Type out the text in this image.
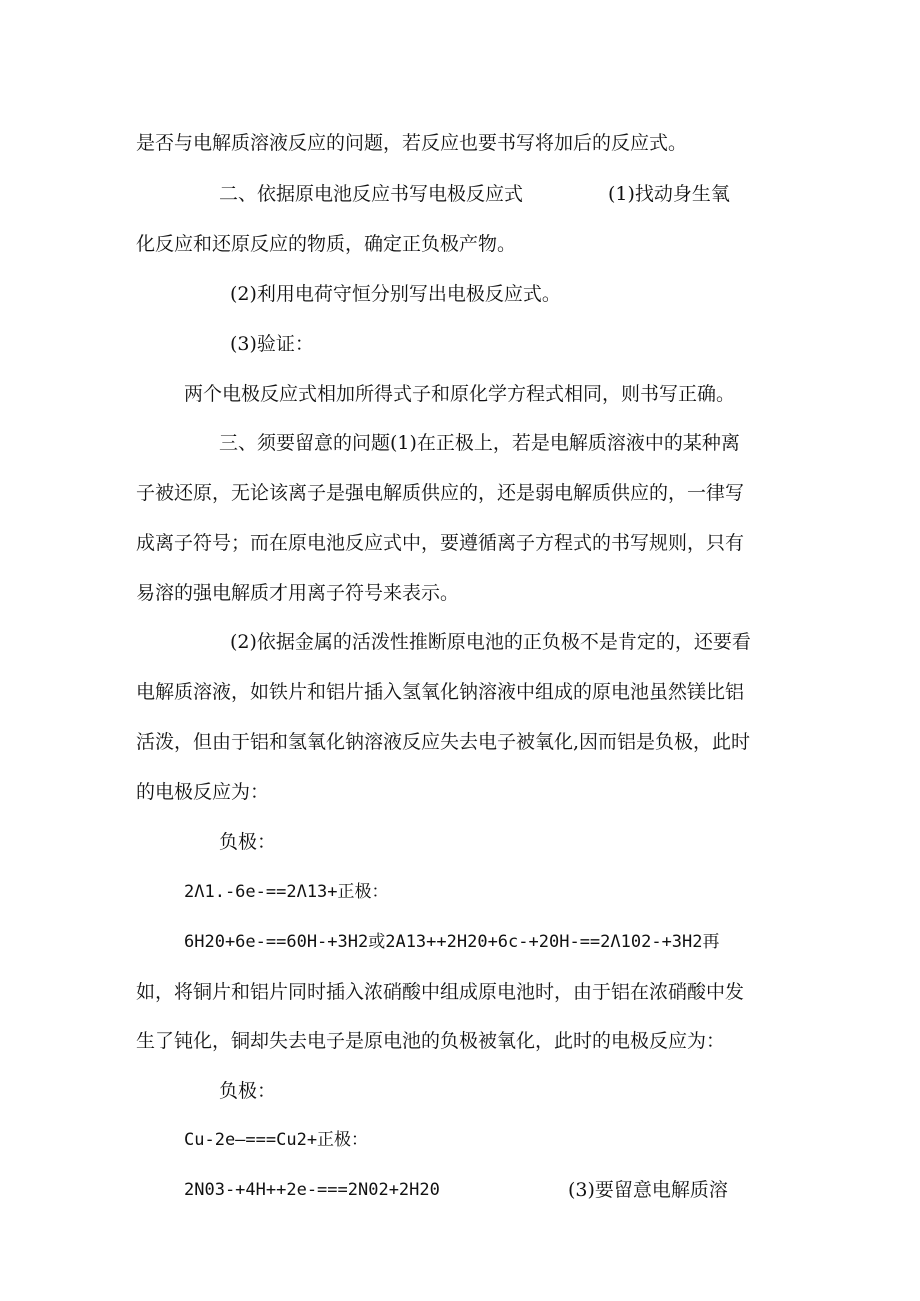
是否与电解质溶液反应的问题，若反应也要书写将加后的反应式。
二、依据原电池反应书写电极反应式	(1)找动身生氧
化反应和还原反应的物质，确定正负极产物。
(2)利用电荷守恒分别写出电极反应式。
(3)验证：
两个电极反应式相加所得式子和原化学方程式相同，则书写正确。
三、须要留意的问题(1)在正极上，若是电解质溶液中的某种离
子被还原，无论该离子是强电解质供应的，还是弱电解质供应的，一律写
成离子符号；而在原电池反应式中，要遵循离子方程式的书写规则，只有
易溶的强电解质才用离子符号来表示。
(2)依据金属的活泼性推断原电池的正负极不是肯定的，还要看
电解质溶液，如铁片和铝片插入氢氧化钠溶液中组成的原电池虽然镁比铝
活泼，但由于铝和氢氧化钠溶液反应失去电子被氧化,因而铝是负极，此时
的电极反应为：
负极：
2Λ1.-6e-==2Λ13+正极：
6H20+6e-==60H-+3H2或2A13++2H20+6c-+20H-==2Λ102-+3H2再
如，将铜片和铝片同时插入浓硝酸中组成原电池时，由于铝在浓硝酸中发
生了钝化，铜却失去电子是原电池的负极被氧化，此时的电极反应为：
负极：
Cu-2e—===Cu2+正极：
2N03-+4H++2e-===2N02+2H20	(3)要留意电解质溶
